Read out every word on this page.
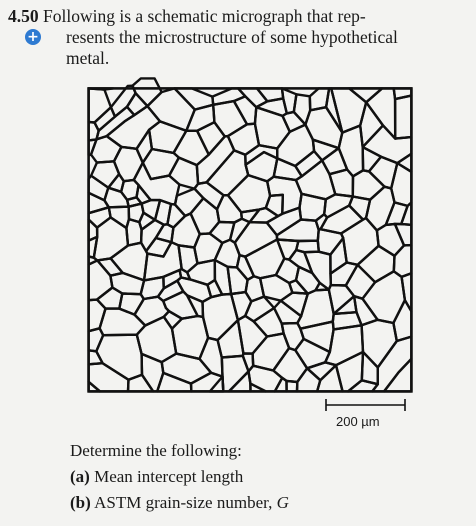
4.50 Following is a schematic micrograph that rep-
resents the microstructure of some hypothetical
metal.
+
200 µm
Determine the following:
(a) Mean intercept length
(b) ASTM grain-size number, G
